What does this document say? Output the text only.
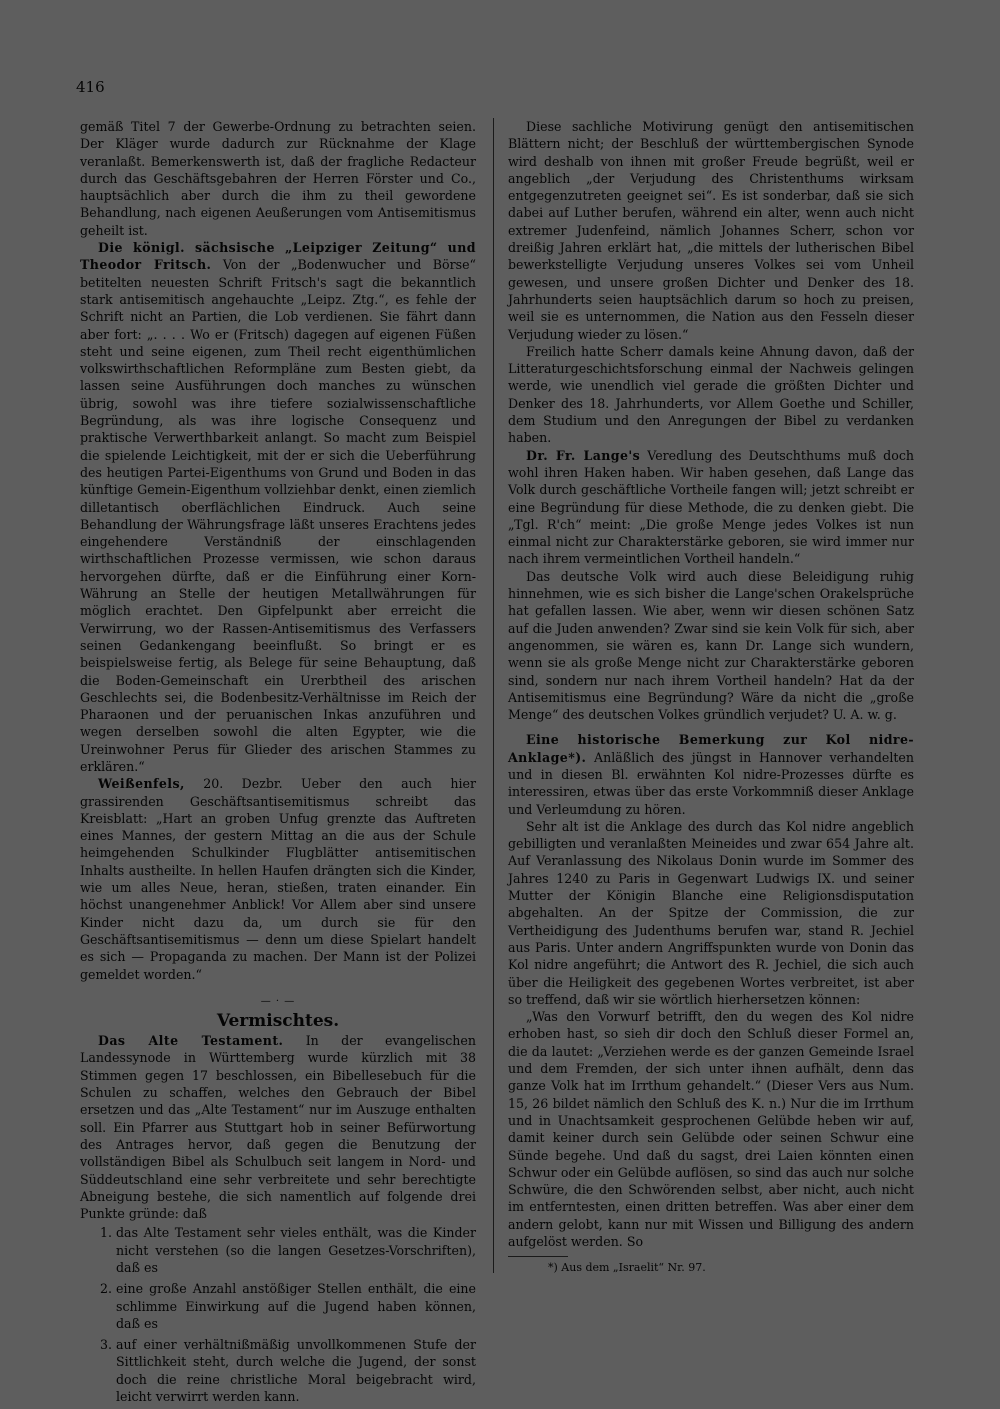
416

gemäß Titel 7 der Gewerbe-Ordnung zu betrachten seien. Der Kläger wurde dadurch zur Rücknahme der Klage veranlaßt. Bemerkenswerth ist, daß der fragliche Redacteur durch das Geschäftsgebahren der Herren Förster und Co., hauptsächlich aber durch die ihm zu theil gewordene Behandlung, nach eigenen Aeußerungen vom Antisemitismus geheilt ist.

Die königl. sächsische „Leipziger Zeitung“ und Theodor Fritsch. Von der „Bodenwucher und Börse“ betitelten neuesten Schrift Fritsch's sagt die bekanntlich stark antisemitisch angehauchte „Leipz. Ztg.“, es fehle der Schrift nicht an Partien, die Lob verdienen. Sie fährt dann aber fort: „. . . . Wo er (Fritsch) dagegen auf eigenen Füßen steht und seine eigenen, zum Theil recht eigenthümlichen volkswirthschaftlichen Reformpläne zum Besten giebt, da lassen seine Ausführungen doch manches zu wünschen übrig, sowohl was ihre tiefere sozialwissenschaftliche Begründung, als was ihre logische Consequenz und praktische Verwerthbarkeit anlangt. So macht zum Beispiel die spielende Leichtigkeit, mit der er sich die Ueberführung des heutigen Partei-Eigenthums von Grund und Boden in das künftige Gemein-Eigenthum vollziehbar denkt, einen ziemlich dilletantisch oberflächlichen Eindruck. Auch seine Behandlung der Währungsfrage läßt unseres Erachtens jedes eingehendere Verständniß der einschlagenden wirthschaftlichen Prozesse vermissen, wie schon daraus hervorgehen dürfte, daß er die Einführung einer Korn-Währung an Stelle der heutigen Metallwährungen für möglich erachtet. Den Gipfelpunkt aber erreicht die Verwirrung, wo der Rassen-Antisemitismus des Verfassers seinen Gedankengang beeinflußt. So bringt er es beispielsweise fertig, als Belege für seine Behauptung, daß die Boden-Gemeinschaft ein Urerbtheil des arischen Geschlechts sei, die Bodenbesitz-Verhältnisse im Reich der Pharaonen und der peruanischen Inkas anzuführen und wegen derselben sowohl die alten Egypter, wie die Ureinwohner Perus für Glieder des arischen Stammes zu erklären.“

Weißenfels, 20. Dezbr. Ueber den auch hier grassirenden Geschäftsantisemitismus schreibt das Kreisblatt: „Hart an groben Unfug grenzte das Auftreten eines Mannes, der gestern Mittag an die aus der Schule heimgehenden Schulkinder Flugblätter antisemitischen Inhalts austheilte. In hellen Haufen drängten sich die Kinder, wie um alles Neue, heran, stießen, traten einander. Ein höchst unangenehmer Anblick! Vor Allem aber sind unsere Kinder nicht dazu da, um durch sie für den Geschäftsantisemitismus — denn um diese Spielart handelt es sich — Propaganda zu machen. Der Mann ist der Polizei gemeldet worden.“

— · —
Vermischtes.

Das Alte Testament. In der evangelischen Landessynode in Württemberg wurde kürzlich mit 38 Stimmen gegen 17 beschlossen, ein Bibellesebuch für die Schulen zu schaffen, welches den Gebrauch der Bibel ersetzen und das „Alte Testament“ nur im Auszuge enthalten soll. Ein Pfarrer aus Stuttgart hob in seiner Befürwortung des Antrages hervor, daß gegen die Benutzung der vollständigen Bibel als Schulbuch seit langem in Nord- und Süddeutschland eine sehr verbreitete und sehr berechtigte Abneigung bestehe, die sich namentlich auf folgende drei Punkte gründe: daß

1. das Alte Testament sehr vieles enthält, was die Kinder nicht verstehen (so die langen Gesetzes-Vorschriften), daß es
2. eine große Anzahl anstößiger Stellen enthält, die eine schlimme Einwirkung auf die Jugend haben können, daß es
3. auf einer verhältnißmäßig unvollkommenen Stufe der Sittlichkeit steht, durch welche die Jugend, der sonst doch die reine christliche Moral beigebracht wird, leicht verwirrt werden kann.

Diese sachliche Motivirung genügt den antisemitischen Blättern nicht; der Beschluß der württembergischen Synode wird deshalb von ihnen mit großer Freude begrüßt, weil er angeblich „der Verjudung des Christenthums wirksam entgegenzutreten geeignet sei“. Es ist sonderbar, daß sie sich dabei auf Luther berufen, während ein alter, wenn auch nicht extremer Judenfeind, nämlich Johannes Scherr, schon vor dreißig Jahren erklärt hat, „die mittels der lutherischen Bibel bewerkstelligte Verjudung unseres Volkes sei vom Unheil gewesen, und unsere großen Dichter und Denker des 18. Jahrhunderts seien hauptsächlich darum so hoch zu preisen, weil sie es unternommen, die Nation aus den Fesseln dieser Verjudung wieder zu lösen.“

Freilich hatte Scherr damals keine Ahnung davon, daß der Litteraturgeschichtsforschung einmal der Nachweis gelingen werde, wie unendlich viel gerade die größten Dichter und Denker des 18. Jahrhunderts, vor Allem Goethe und Schiller, dem Studium und den Anregungen der Bibel zu verdanken haben.

Dr. Fr. Lange's Veredlung des Deutschthums muß doch wohl ihren Haken haben. Wir haben gesehen, daß Lange das Volk durch geschäftliche Vortheile fangen will; jetzt schreibt er eine Begründung für diese Methode, die zu denken giebt. Die „Tgl. R'ch“ meint: „Die große Menge jedes Volkes ist nun einmal nicht zur Charakterstärke geboren, sie wird immer nur nach ihrem vermeintlichen Vortheil handeln.“

Das deutsche Volk wird auch diese Beleidigung ruhig hinnehmen, wie es sich bisher die Lange'schen Orakelsprüche hat gefallen lassen. Wie aber, wenn wir diesen schönen Satz auf die Juden anwenden? Zwar sind sie kein Volk für sich, aber angenommen, sie wären es, kann Dr. Lange sich wundern, wenn sie als große Menge nicht zur Charakterstärke geboren sind, sondern nur nach ihrem Vortheil handeln? Hat da der Antisemitismus eine Begründung? Wäre da nicht die „große Menge“ des deutschen Volkes gründlich verjudet? U. A. w. g.

Eine historische Bemerkung zur Kol nidre-Anklage*). Anläßlich des jüngst in Hannover verhandelten und in diesen Bl. erwähnten Kol nidre-Prozesses dürfte es interessiren, etwas über das erste Vorkommniß dieser Anklage und Verleumdung zu hören.

Sehr alt ist die Anklage des durch das Kol nidre angeblich gebilligten und veranlaßten Meineides und zwar 654 Jahre alt. Auf Veranlassung des Nikolaus Donin wurde im Sommer des Jahres 1240 zu Paris in Gegenwart Ludwigs IX. und seiner Mutter der Königin Blanche eine Religionsdisputation abgehalten. An der Spitze der Commission, die zur Vertheidigung des Judenthums berufen war, stand R. Jechiel aus Paris. Unter andern Angriffspunkten wurde von Donin das Kol nidre angeführt; die Antwort des R. Jechiel, die sich auch über die Heiligkeit des gegebenen Wortes verbreitet, ist aber so treffend, daß wir sie wörtlich hierhersetzen können:

„Was den Vorwurf betrifft, den du wegen des Kol nidre erhoben hast, so sieh dir doch den Schluß dieser Formel an, die da lautet: „Verziehen werde es der ganzen Gemeinde Israel und dem Fremden, der sich unter ihnen aufhält, denn das ganze Volk hat im Irrthum gehandelt.“ (Dieser Vers aus Num. 15, 26 bildet nämlich den Schluß des K. n.) Nur die im Irrthum und in Unachtsamkeit gesprochenen Gelübde heben wir auf, damit keiner durch sein Gelübde oder seinen Schwur eine Sünde begehe. Und daß du sagst, drei Laien könnten einen Schwur oder ein Gelübde auflösen, so sind das auch nur solche Schwüre, die den Schwörenden selbst, aber nicht, auch nicht im entferntesten, einen dritten betreffen. Was aber einer dem andern gelobt, kann nur mit Wissen und Billigung des andern aufgelöst werden. So

*) Aus dem „Israelit“ Nr. 97.
